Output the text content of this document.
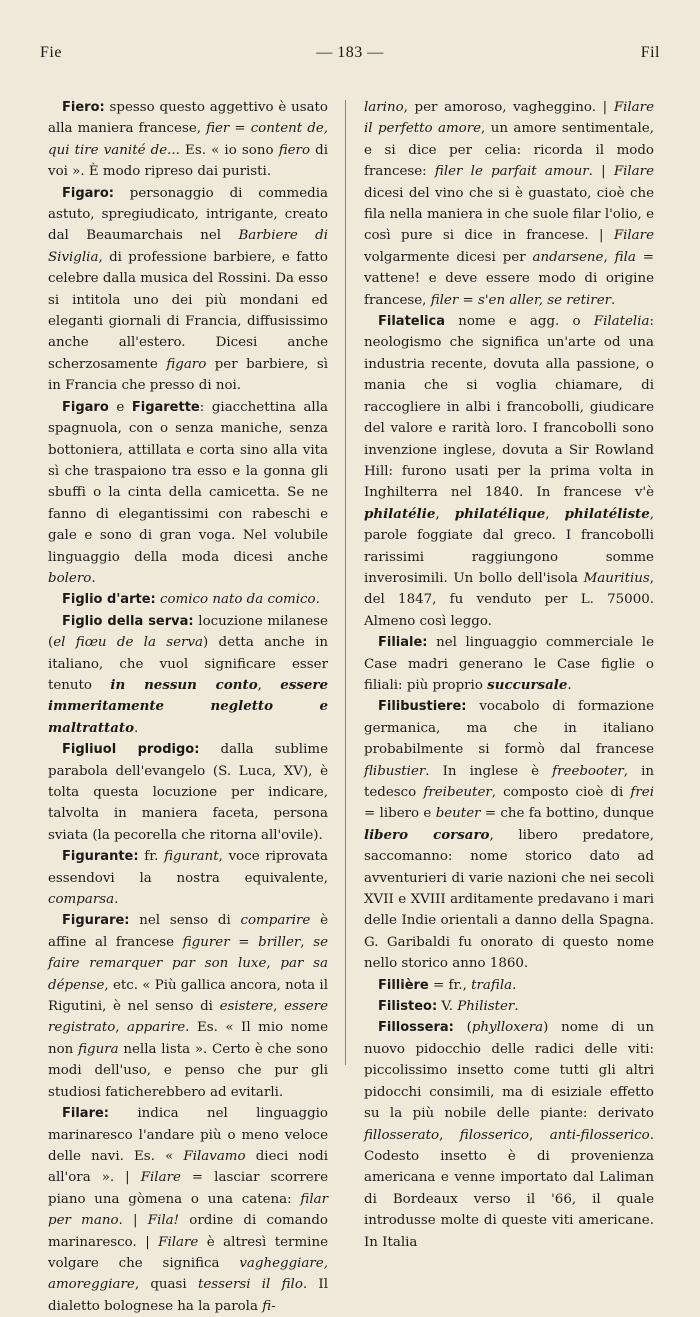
Fie	— 183 —	Fil

Fiero: spesso questo aggettivo è usato alla maniera francese, fier = content de, qui tire vanité de... Es. « io sono fiero di voi ». È modo ripreso dai puristi.

Figaro: personaggio di commedia astuto, spregiudicato, intrigante, creato dal Beaumarchais nel Barbiere di Siviglia, di professione barbiere, e fatto celebre dalla musica del Rossini. Da esso si intitola uno dei più mondani ed eleganti giornali di Francia, diffusissimo anche all'estero. Dicesi anche scherzosamente figaro per barbiere, sì in Francia che presso di noi.

Figaro e Figarette: giacchettina alla spagnuola, con o senza maniche, senza bottoniera, attillata e corta sino alla vita sì che traspaiono tra esso e la gonna gli sbuffi o la cinta della camicetta. Se ne fanno di elegantissimi con rabeschi e gale e sono di gran voga. Nel volubile linguaggio della moda dicesi anche bolero.

Figlio d'arte: comico nato da comico.

Figlio della serva: locuzione milanese (el fiœu de la serva) detta anche in italiano, che vuol significare esser tenuto in nessun conto, essere immeritamente negletto e maltrattato.

Figliuol prodigo: dalla sublime parabola dell'evangelo (S. Luca, XV), è tolta questa locuzione per indicare, talvolta in maniera faceta, persona sviata (la pecorella che ritorna all'ovile).

Figurante: fr. figurant, voce riprovata essendovi la nostra equivalente, comparsa.

Figurare: nel senso di comparire è affine al francese figurer = briller, se faire remarquer par son luxe, par sa dépense, etc. « Più gallica ancora, nota il Rigutini, è nel senso di esistere, essere registrato, apparire. Es. « Il mio nome non figura nella lista ». Certo è che sono modi dell'uso, e penso che pur gli studiosi faticherebbero ad evitarli.

Filare: indica nel linguaggio marinaresco l'andare più o meno veloce delle navi. Es. « Filavamo dieci nodi all'ora ». | Filare = lasciar scorrere piano una gòmena o una catena: filar per mano. | Fila! ordine di comando marinaresco. | Filare è altresì termine volgare che significa vagheggiare, amoreggiare, quasi tessersi il filo. Il dialetto bolognese ha la parola fi-

larino, per amoroso, vagheggino. | Filare il perfetto amore, un amore sentimentale, e si dice per celia: ricorda il modo francese: filer le parfait amour. | Filare dicesi del vino che si è guastato, cioè che fila nella maniera in che suole filar l'olio, e così pure si dice in francese. | Filare volgarmente dicesi per andarsene, fila = vattene! e deve essere modo di origine francese, filer = s'en aller, se retirer.

Filatelica nome e agg. o Filatelia: neologismo che significa un'arte od una industria recente, dovuta alla passione, o mania che si voglia chiamare, di raccogliere in albi i francobolli, giudicare del valore e rarità loro. I francobolli sono invenzione inglese, dovuta a Sir Rowland Hill: furono usati per la prima volta in Inghilterra nel 1840. In francese v'è philatélie, philatélique, philatéliste, parole foggiate dal greco. I francobolli rarissimi raggiungono somme inverosimili. Un bollo dell'isola Mauritius, del 1847, fu venduto per L. 75000. Almeno così leggo.

Filiale: nel linguaggio commerciale le Case madri generano le Case figlie o filiali: più proprio succursale.

Filibustiere: vocabolo di formazione germanica, ma che in italiano probabilmente si formò dal francese flibustier. In inglese è freebooter, in tedesco freibeuter, composto cioè di frei = libero e beuter = che fa bottino, dunque libero corsaro, libero predatore, saccomanno: nome storico dato ad avventurieri di varie nazioni che nei secoli XVII e XVIII arditamente predavano i mari delle Indie orientali a danno della Spagna. G. Garibaldi fu onorato di questo nome nello storico anno 1860.

Fillière = fr., trafila.

Filisteo: V. Philister.

Fillossera: (phylloxera) nome di un nuovo pidocchio delle radici delle viti: piccolissimo insetto come tutti gli altri pidocchi consimili, ma di esiziale effetto su la più nobile delle piante: derivato fillosserato, filosserico, anti-filosserico. Codesto insetto è di provenienza americana e venne importato dal Laliman di Bordeaux verso il '66, il quale introdusse molte di queste viti americane. In Italia
